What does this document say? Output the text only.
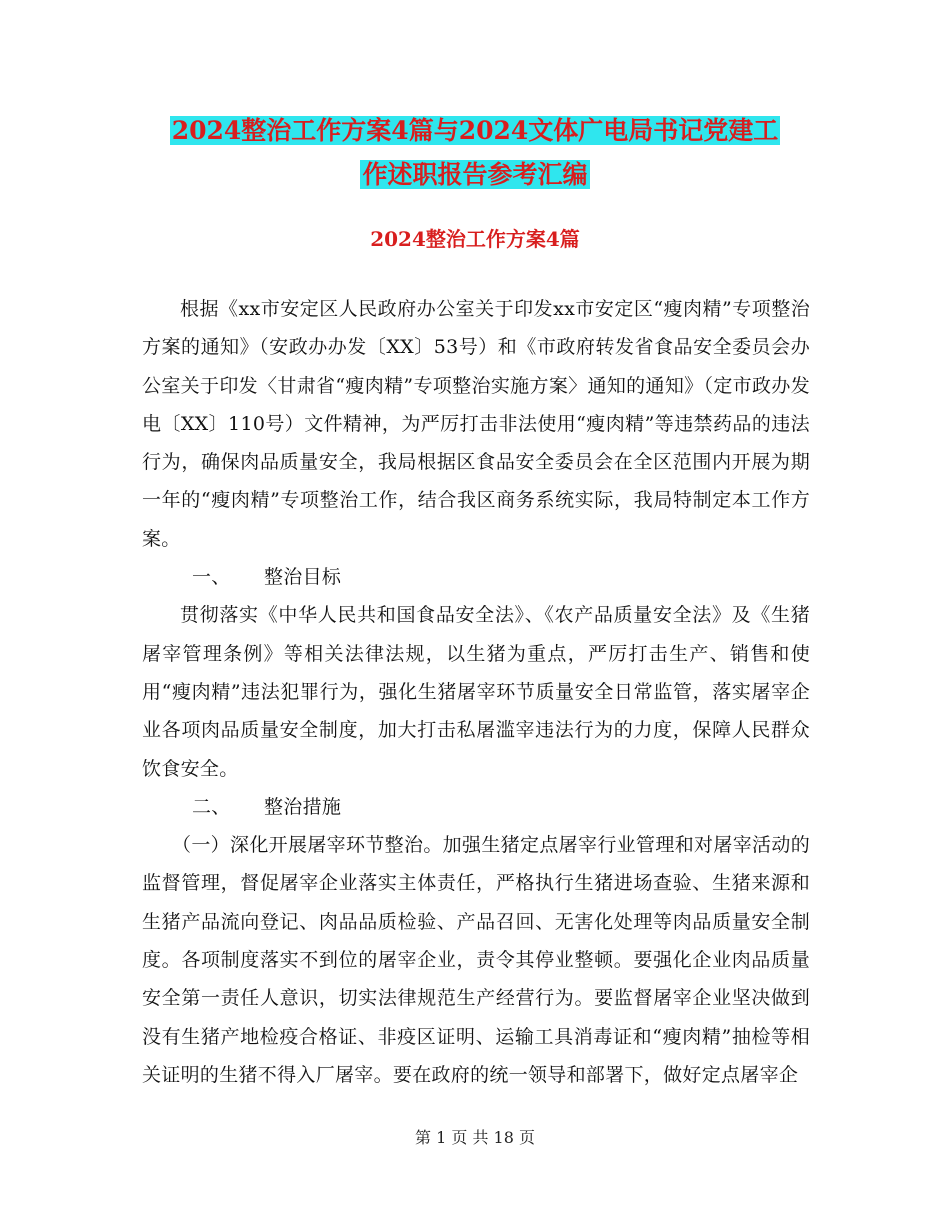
2024整治工作方案4篇与2024文体广电局书记党建工
作述职报告参考汇编
2024整治工作方案4篇

根据《xx市安定区人民政府办公室关于印发xx市安定区“瘦肉精”专项整治方案的通知》（安政办办发〔XX〕53号）和《市政府转发省食品安全委员会办公室关于印发〈甘肃省“瘦肉精”专项整治实施方案〉通知的通知》（定市政办发电〔XX〕110号）文件精神，为严厉打击非法使用“瘦肉精”等违禁药品的违法行为，确保肉品质量安全，我局根据区食品安全委员会在全区范围内开展为期一年的“瘦肉精”专项整治工作，结合我区商务系统实际，我局特制定本工作方案。

一、 整治目标

贯彻落实《中华人民共和国食品安全法》、《农产品质量安全法》及《生猪屠宰管理条例》等相关法律法规，以生猪为重点，严厉打击生产、销售和使用“瘦肉精”违法犯罪行为，强化生猪屠宰环节质量安全日常监管，落实屠宰企业各项肉品质量安全制度，加大打击私屠滥宰违法行为的力度，保障人民群众饮食安全。

二、 整治措施

（一）深化开展屠宰环节整治。加强生猪定点屠宰行业管理和对屠宰活动的监督管理，督促屠宰企业落实主体责任，严格执行生猪进场查验、生猪来源和生猪产品流向登记、肉品品质检验、产品召回、无害化处理等肉品质量安全制度。各项制度落实不到位的屠宰企业，责令其停业整顿。要强化企业肉品质量安全第一责任人意识，切实法律规范生产经营行为。要监督屠宰企业坚决做到没有生猪产地检疫合格证、非疫区证明、运输工具消毒证和“瘦肉精”抽检等相关证明的生猪不得入厂屠宰。要在政府的统一领导和部署下，做好定点屠宰企

第 1 页 共 18 页
